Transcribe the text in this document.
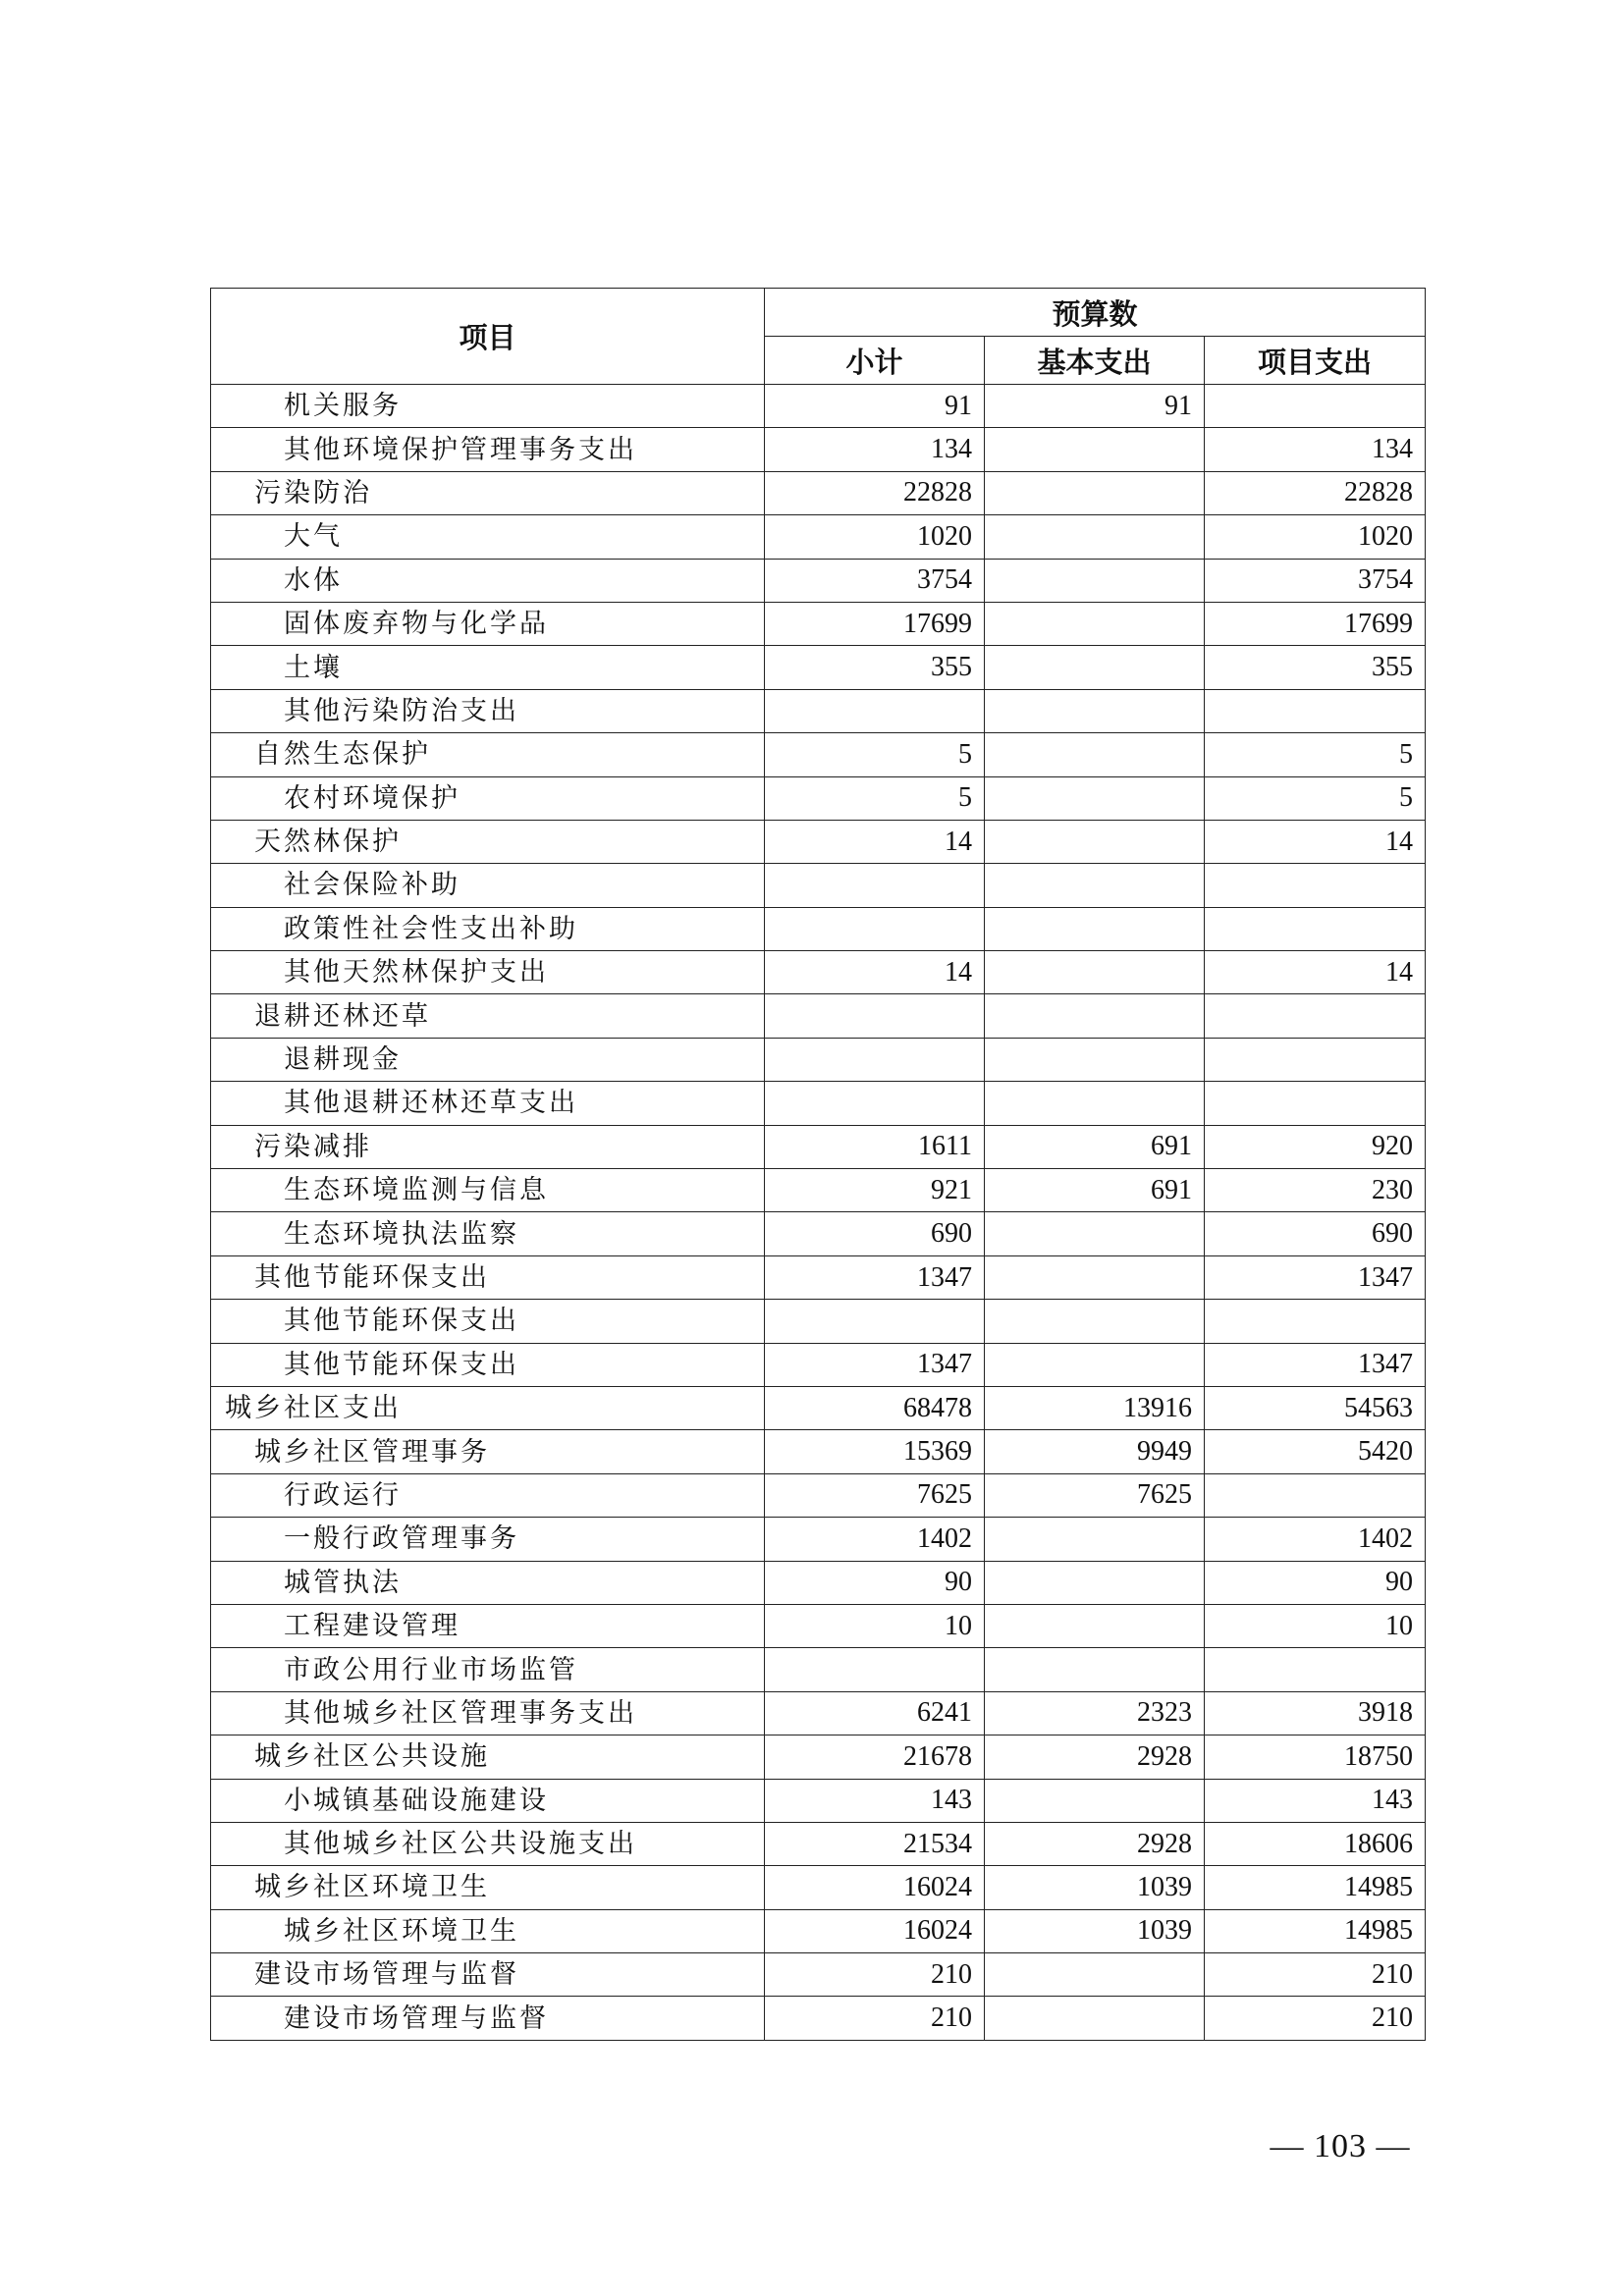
项目	预算数		
	小计	基本支出	项目支出
机关服务	91	91	
其他环境保护管理事务支出	134		134
污染防治	22828		22828
大气	1020		1020
水体	3754		3754
固体废弃物与化学品	17699		17699
土壤	355		355
其他污染防治支出			
自然生态保护	5		5
农村环境保护	5		5
天然林保护	14		14
社会保险补助			
政策性社会性支出补助			
其他天然林保护支出	14		14
退耕还林还草			
退耕现金			
其他退耕还林还草支出			
污染减排	1611	691	920
生态环境监测与信息	921	691	230
生态环境执法监察	690		690
其他节能环保支出	1347		1347
其他节能环保支出			
其他节能环保支出	1347		1347
城乡社区支出	68478	13916	54563
城乡社区管理事务	15369	9949	5420
行政运行	7625	7625	
一般行政管理事务	1402		1402
城管执法	90		90
工程建设管理	10		10
市政公用行业市场监管			
其他城乡社区管理事务支出	6241	2323	3918
城乡社区公共设施	21678	2928	18750
小城镇基础设施建设	143		143
其他城乡社区公共设施支出	21534	2928	18606
城乡社区环境卫生	16024	1039	14985
城乡社区环境卫生	16024	1039	14985
建设市场管理与监督	210		210
建设市场管理与监督	210		210
— 103 —
